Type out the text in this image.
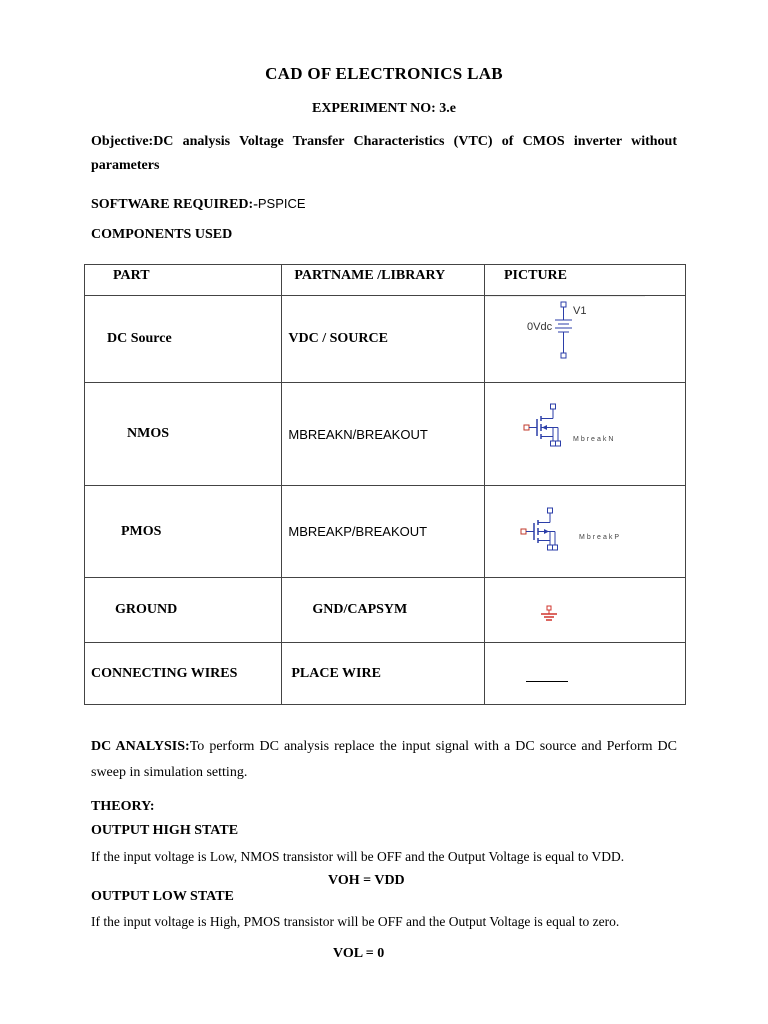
CAD OF ELECTRONICS LAB
EXPERIMENT NO: 3.e
Objective:DC analysis Voltage Transfer Characteristics (VTC) of CMOS inverter without parameters
SOFTWARE REQUIRED:-PSPICE
COMPONENTS USED
PART	PARTNAME /LIBRARY	PICTURE

DC Source	VDC / SOURCE	V1
0Vdc

NMOS	MBREAKN/BREAKOUT	MbreakN

PMOS	MBREAKP/BREAKOUT	MbreakP

GROUND	GND/CAPSYM

CONNECTING WIRES	PLACE WIRE	

DC ANALYSIS:To perform DC analysis replace the input signal with a DC source and Perform DC sweep in simulation setting.
THEORY:
OUTPUT HIGH STATE
If the input voltage is Low, NMOS transistor will be OFF and the Output Voltage is equal to VDD.
VOH = VDD
OUTPUT LOW STATE
If the input voltage is High, PMOS transistor will be OFF and the Output Voltage is equal to zero.
VOL = 0
